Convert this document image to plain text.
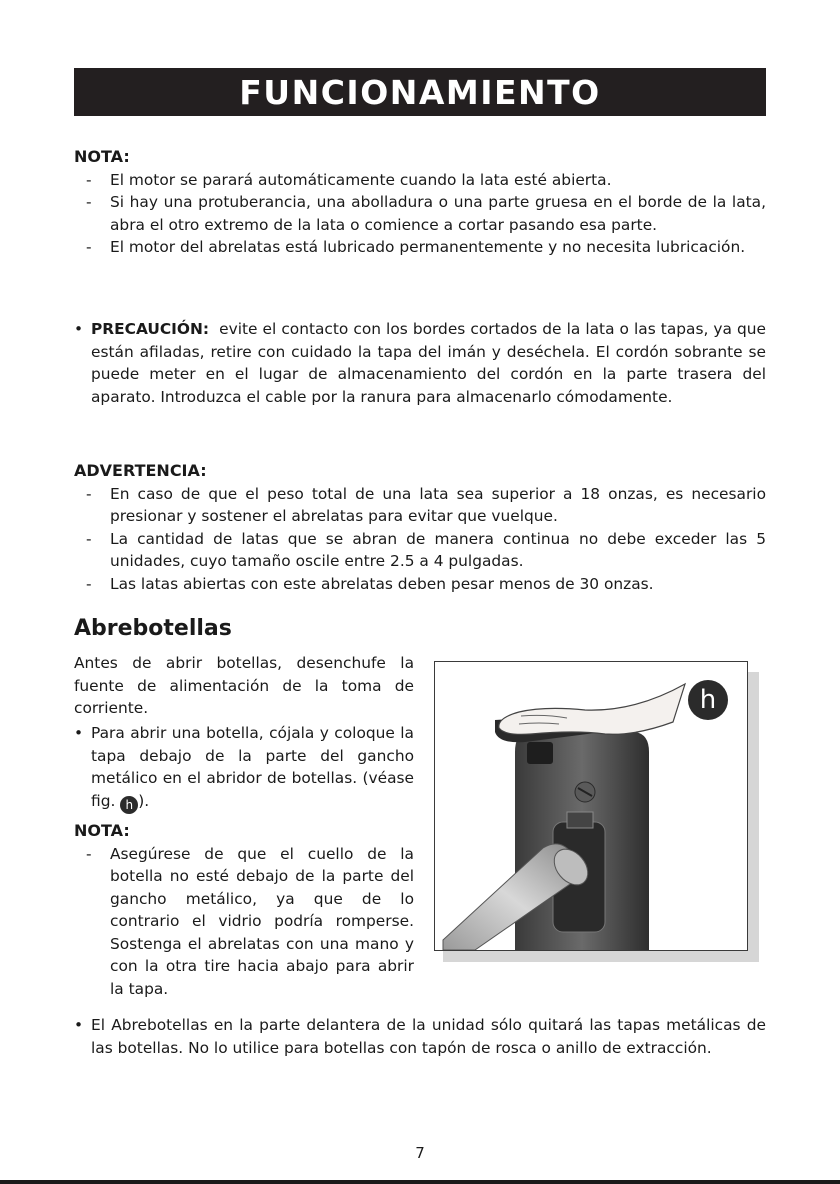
FUNCIONAMIENTO
NOTA:
- El motor se parará automáticamente cuando la lata esté abierta.
- Si hay una protuberancia, una abolladura o una parte gruesa en el borde de la lata, abra el otro extremo de la lata o comience a cortar pasando esa parte.
- El motor del abrelatas está lubricado permanentemente y no necesita lubricación.
• PRECAUCIÓN: evite el contacto con los bordes cortados de la lata o las tapas, ya que están afiladas, retire con cuidado la tapa del imán y deséchela. El cordón sobrante se puede meter en el lugar de almacenamiento del cordón en la parte trasera del aparato. Introduzca el cable por la ranura para almacenarlo cómodamente.
ADVERTENCIA:
- En caso de que el peso total de una lata sea superior a 18 onzas, es necesario presionar y sostener el abrelatas para evitar que vuelque.
- La cantidad de latas que se abran de manera continua no debe exceder las 5 unidades, cuyo tamaño oscile entre 2.5 a 4 pulgadas.
- Las latas abiertas con este abrelatas deben pesar menos de 30 onzas.
Abrebotellas
Antes de abrir botellas, desenchufe la fuente de alimentación de la toma de corriente.
• Para abrir una botella, cójala y coloque la tapa debajo de la parte del gancho metálico en el abridor de botellas. (véase fig. h ).
NOTA:
- Asegúrese de que el cuello de la botella no esté debajo de la parte del gancho metálico, ya que de lo contrario el vidrio podría romperse. Sostenga el abrelatas con una mano y con la otra tire hacia abajo para abrir la tapa.
• El Abrebotellas en la parte delantera de la unidad sólo quitará las tapas metálicas de las botellas. No lo utilice para botellas con tapón de rosca o anillo de extracción.
h
7
